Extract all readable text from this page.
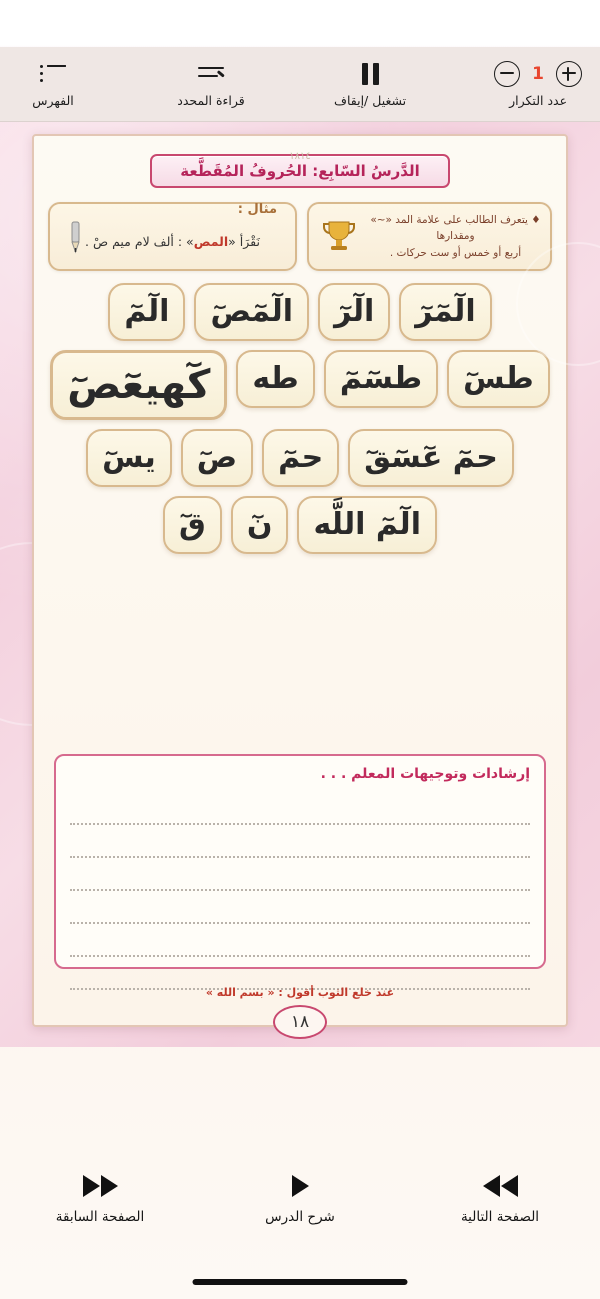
الفهرس	قراءة المحدد	تشغيل /إيقاف
1
عدد التكرار
١٨١٤
الدَّرسُ السّابِع: الحُروفُ المُقَطَّعة
مثال :
نَقْرَأ «المص» : ألف لام ميم صْ .
♦ يتعرف الطالب على علامة المد «~» ومقدارها
أربع أو خمس أو ست حركات .
الٓمٓ	الٓمٓصٓ	الٓرٓ	الٓمٓرٓ
كٓهيعٓصٓ	طه	طسٓمٓ	طسٓ
يسٓ	صٓ	حمٓ	حمٓ عٓسٓقٓ
قٓ	نٓ	الٓمٓ اللَّه
إرشادات وتوجيهات المعلم . . .
عند خلع الثوب أقول : « بسم الله »
١٨
الصفحة السابقة	شرح الدرس	الصفحة التالية
